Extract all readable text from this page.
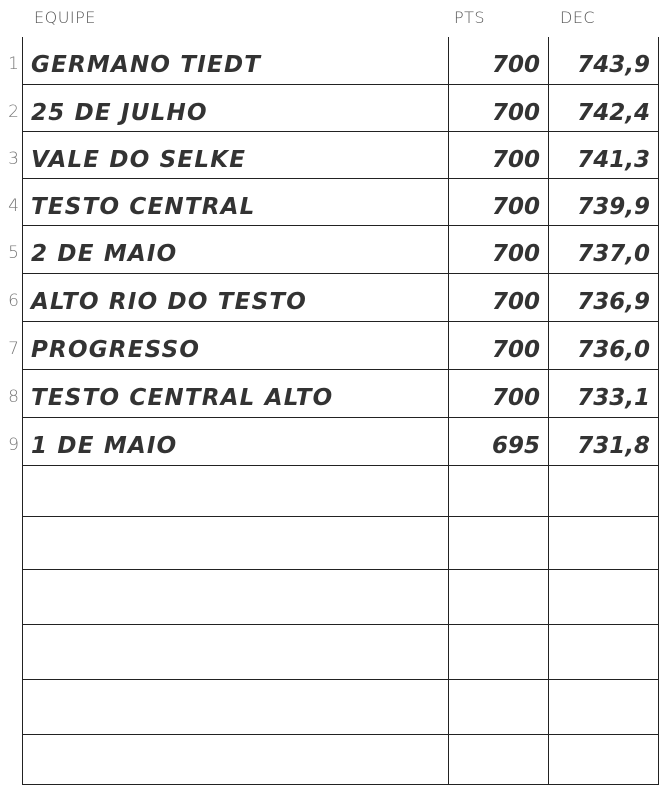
EQUIPE	PTS	DEC
1 GERMANO TIEDT	700	743,9
2 25 DE JULHO	700	742,4
3 VALE DO SELKE	700	741,3
4 TESTO CENTRAL	700	739,9
5 2 DE MAIO	700	737,0
6 ALTO RIO DO TESTO	700	736,9
7 PROGRESSO	700	736,0
8 TESTO CENTRAL ALTO	700	733,1
9 1 DE MAIO	695	731,8
